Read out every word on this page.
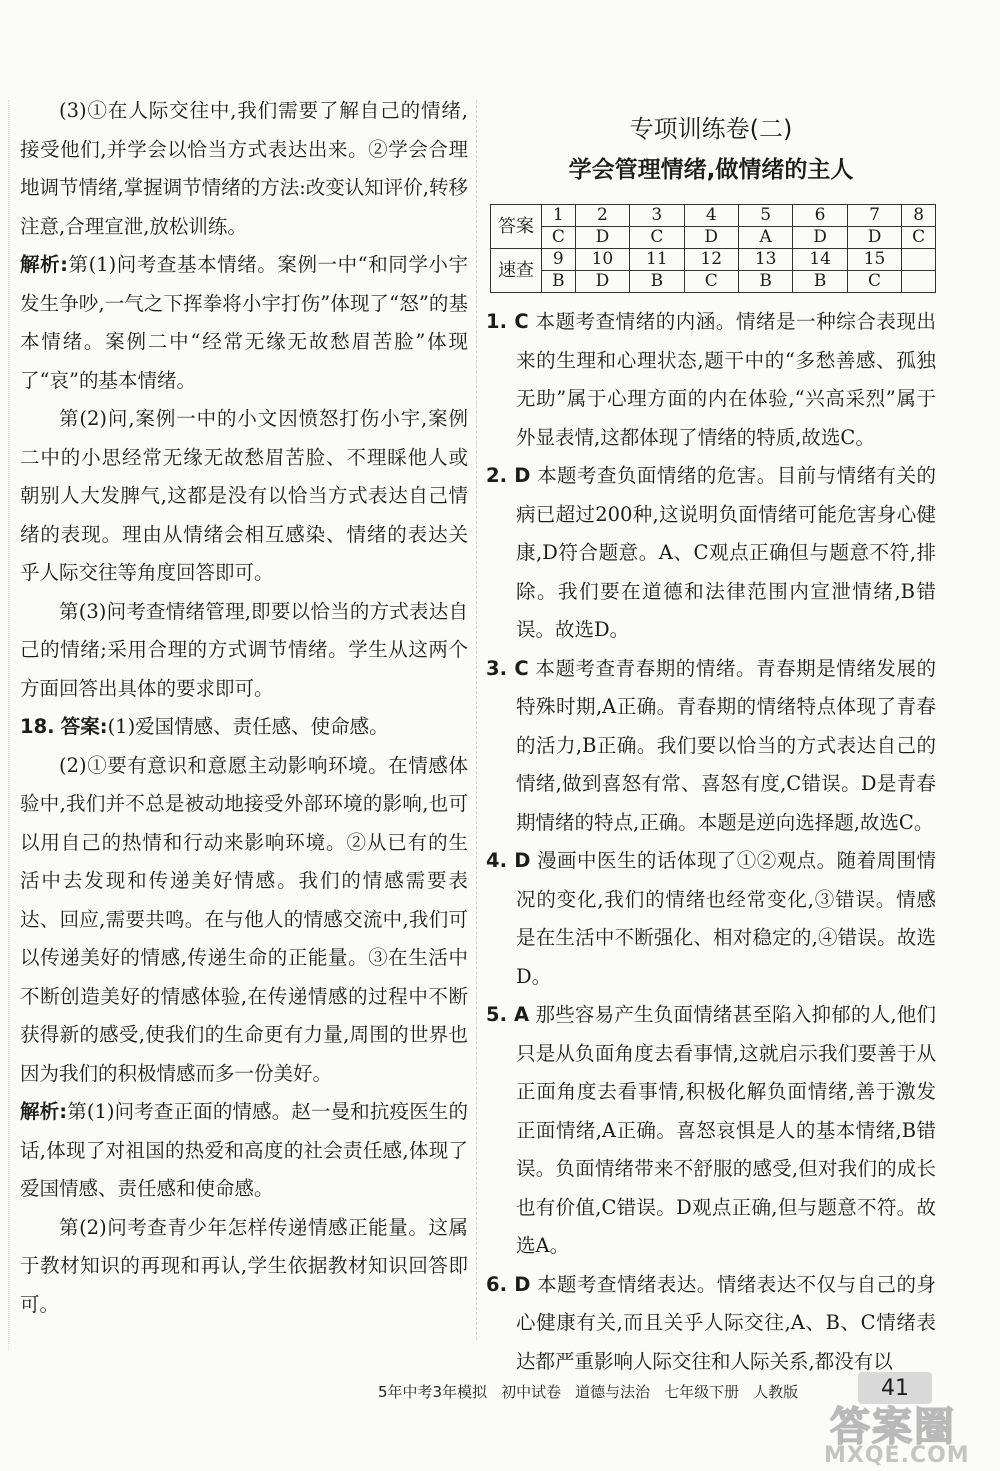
(3)①在人际交往中,我们需要了解自己的情绪,接受他们,并学会以恰当方式表达出来。②学会合理地调节情绪,掌握调节情绪的方法:改变认知评价,转移注意,合理宣泄,放松训练。

解析:第(1)问考查基本情绪。案例一中“和同学小宇发生争吵,一气之下挥拳将小宇打伤”体现了“怒”的基本情绪。案例二中“经常无缘无故愁眉苦脸”体现了“哀”的基本情绪。

第(2)问,案例一中的小文因愤怒打伤小宇,案例二中的小思经常无缘无故愁眉苦脸、不理睬他人或朝别人大发脾气,这都是没有以恰当方式表达自己情绪的表现。理由从情绪会相互感染、情绪的表达关乎人际交往等角度回答即可。

第(3)问考查情绪管理,即要以恰当的方式表达自己的情绪;采用合理的方式调节情绪。学生从这两个方面回答出具体的要求即可。

18. 答案:(1)爱国情感、责任感、使命感。

(2)①要有意识和意愿主动影响环境。在情感体验中,我们并不总是被动地接受外部环境的影响,也可以用自己的热情和行动来影响环境。②从已有的生活中去发现和传递美好情感。我们的情感需要表达、回应,需要共鸣。在与他人的情感交流中,我们可以传递美好的情感,传递生命的正能量。③在生活中不断创造美好的情感体验,在传递情感的过程中不断获得新的感受,使我们的生命更有力量,周围的世界也因为我们的积极情感而多一份美好。

解析:第(1)问考查正面的情感。赵一曼和抗疫医生的话,体现了对祖国的热爱和高度的社会责任感,体现了爱国情感、责任感和使命感。

第(2)问考查青少年怎样传递情感正能量。这属于教材知识的再现和再认,学生依据教材知识回答即可。

专项训练卷(二)
学会管理情绪,做情绪的主人
答案	1	2	3	4	5	6	7	8
	C	D	C	D	A	D	D	C
速查	9	10	11	12	13	14	15	
	B	D	B	C	B	B	C	

1. C 本题考查情绪的内涵。情绪是一种综合表现出来的生理和心理状态,题干中的“多愁善感、孤独无助”属于心理方面的内在体验,“兴高采烈”属于外显表情,这都体现了情绪的特质,故选C。

2. D 本题考查负面情绪的危害。目前与情绪有关的病已超过200种,这说明负面情绪可能危害身心健康,D符合题意。A、C观点正确但与题意不符,排除。我们要在道德和法律范围内宣泄情绪,B错误。故选D。

3. C 本题考查青春期的情绪。青春期是情绪发展的特殊时期,A正确。青春期的情绪特点体现了青春的活力,B正确。我们要以恰当的方式表达自己的情绪,做到喜怒有常、喜怒有度,C错误。D是青春期情绪的特点,正确。本题是逆向选择题,故选C。

4. D 漫画中医生的话体现了①②观点。随着周围情况的变化,我们的情绪也经常变化,③错误。情感是在生活中不断强化、相对稳定的,④错误。故选D。

5. A 那些容易产生负面情绪甚至陷入抑郁的人,他们只是从负面角度去看事情,这就启示我们要善于从正面角度去看事情,积极化解负面情绪,善于激发正面情绪,A正确。喜怒哀惧是人的基本情绪,B错误。负面情绪带来不舒服的感受,但对我们的成长也有价值,C错误。D观点正确,但与题意不符。故选A。

6. D 本题考查情绪表达。情绪表达不仅与自己的身心健康有关,而且关乎人际交往,A、B、C情绪表达都严重影响人际交往和人际关系,都没有以

5年中考3年模拟 初中试卷 道德与法治 七年级下册 人教版	41
答案圈
MXQE.COM
